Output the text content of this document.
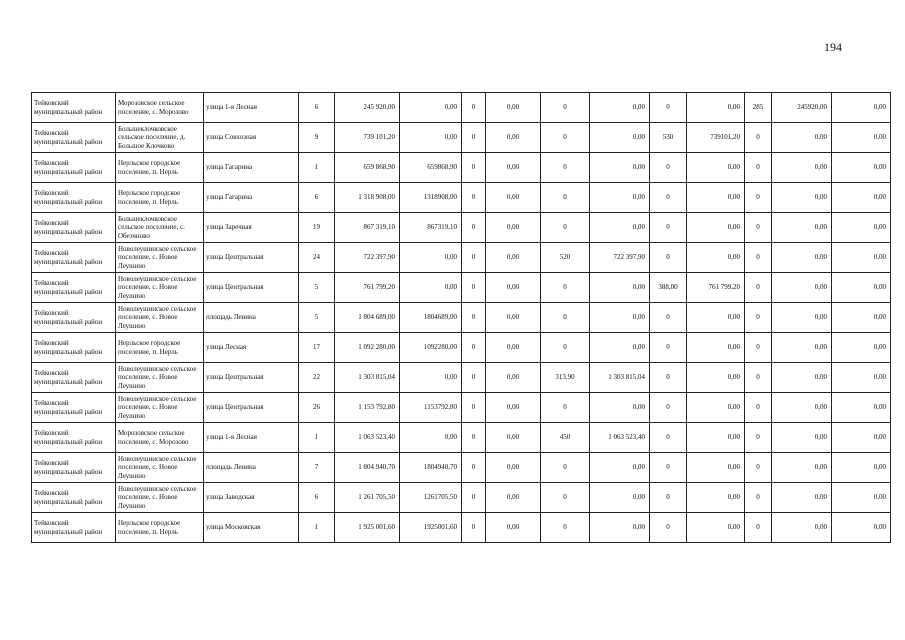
194
Тейковский муниципальный район	Морозовское сельское поселение, с. Морозово	улица 1-я Лесная	6	245 920,00	0,00	0	0,00	0	0,00	0	0,00	285	245920,00	0,00
Тейковский муниципальный район	Большеклочковское сельское поселение, д. Большое Клочково	улица Совхозная	9	739 101,20	0,00	0	0,00	0	0,00	530	739101,20	0	0,00	0,00
Тейковский муниципальный район	Нерльское городское поселение, п. Нерль	улица Гагарина	1	659 868,90	659868,90	0	0,00	0	0,00	0	0,00	0	0,00	0,00
Тейковский муниципальный район	Нерльское городское поселение, п. Нерль	улица Гагарина	6	1 318 908,00	1318908,00	0	0,00	0	0,00	0	0,00	0	0,00	0,00
Тейковский муниципальный район	Большеклочковское сельское поселение, с. Обезчново	улица Заречная	19	867 319,10	867319,10	0	0,00	0	0,00	0	0,00	0	0,00	0,00
Тейковский муниципальный район	Новолеушинское сельское поселение, с. Новое Леушино	улица Центральная	24	722 397,90	0,00	0	0,00	520	722 397,90	0	0,00	0	0,00	0,00
Тейковский муниципальный район	Новолеушинское сельское поселение, с. Новое Леушино	улица Центральная	5	761 799,20	0,00	0	0,00	0	0,00	388,00	761 799,20	0	0,00	0,00
Тейковский муниципальный район	Новолеушинское сельское поселение, с. Новое Леушино	площадь Ленина	5	1 804 689,00	1804689,00	0	0,00	0	0,00	0	0,00	0	0,00	0,00
Тейковский муниципальный район	Нерльское городское поселение, п. Нерль	улица Лесная	17	1 092 280,00	1092280,00	0	0,00	0	0,00	0	0,00	0	0,00	0,00
Тейковский муниципальный район	Новолеушинское сельское поселение, с. Новое Леушино	улица Центральная	22	1 303 815,04	0,00	0	0,00	313,90	1 303 815,04	0	0,00	0	0,00	0,00
Тейковский муниципальный район	Новолеушинское сельское поселение, с. Новое Леушино	улица Центральная	26	1 153 792,80	1153792,80	0	0,00	0	0,00	0	0,00	0	0,00	0,00
Тейковский муниципальный район	Морозовское сельское поселение, с. Морозово	улица 1-я Лесная	1	1 063 523,40	0,00	0	0,00	450	1 063 523,40	0	0,00	0	0,00	0,00
Тейковский муниципальный район	Новолеушинское сельское поселение, с. Новое Леушино	площадь Ленина	7	1 804 940,70	1804940,70	0	0,00	0	0,00	0	0,00	0	0,00	0,00
Тейковский муниципальный район	Новолеушинское сельское поселение, с. Новое Леушино	улица Заводская	6	1 261 705,50	1261705,50	0	0,00	0	0,00	0	0,00	0	0,00	0,00
Тейковский муниципальный район	Нерльское городское поселение, п. Нерль	улица Московская	1	1 925 001,60	1925001,60	0	0,00	0	0,00	0	0,00	0	0,00	0,00
